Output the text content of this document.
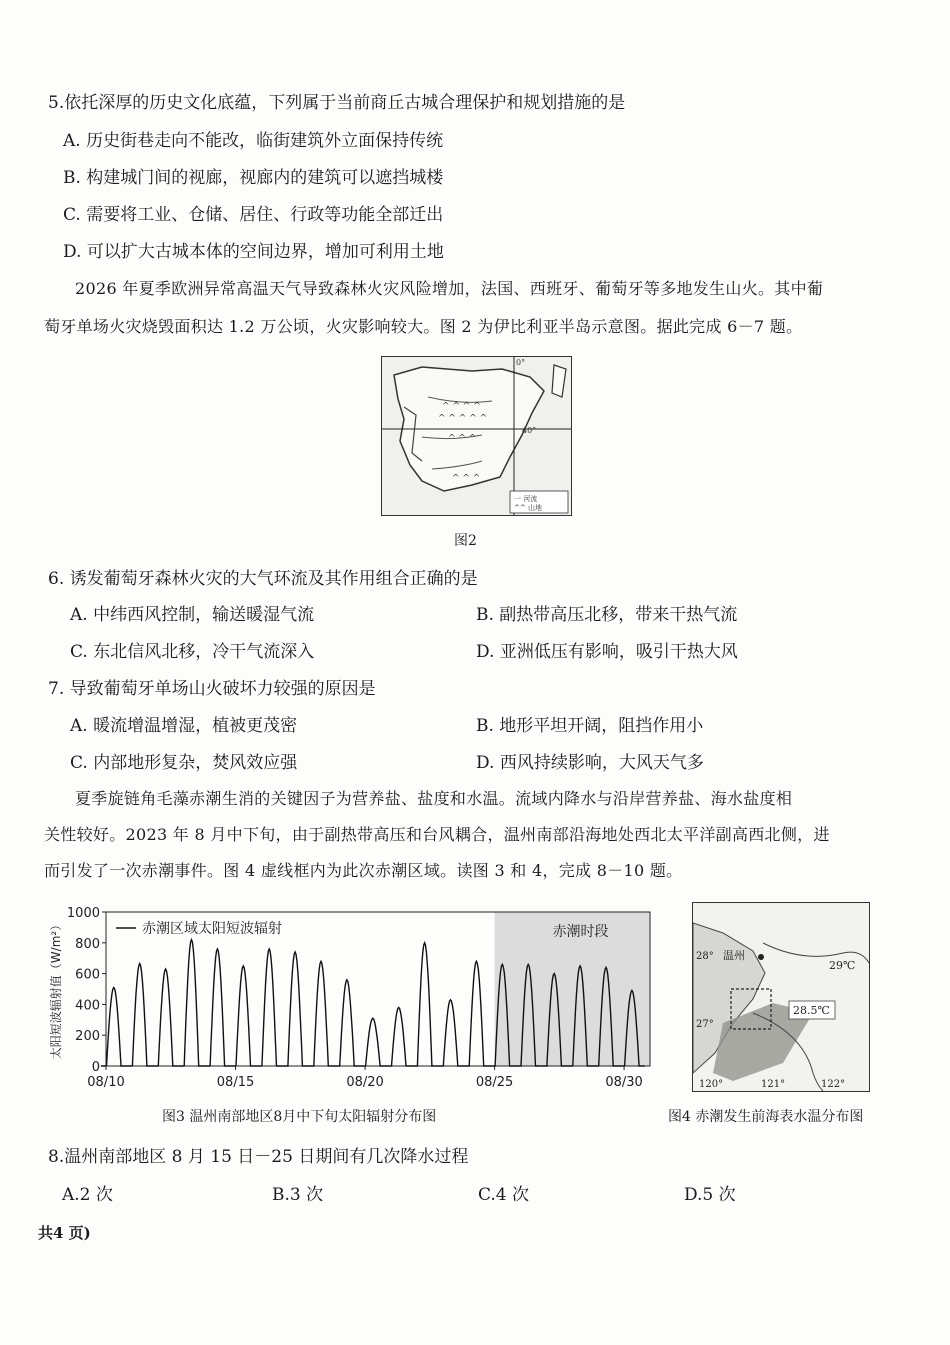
5.依托深厚的历史文化底蕴，下列属于当前商丘古城合理保护和规划措施的是
A. 历史街巷走向不能改，临街建筑外立面保持传统
B. 构建城门间的视廊，视廊内的建筑可以遮挡城楼
C. 需要将工业、仓储、居住、行政等功能全部迁出
D. 可以扩大古城本体的空间边界，增加可利用土地
2026 年夏季欧洲异常高温天气导致森林火灾风险增加，法国、西班牙、葡萄牙等多地发生山火。其中葡
萄牙单场火灾烧毁面积达 1.2 万公顷，火灾影响较大。图 2 为伊比利亚半岛示意图。据此完成 6－7 题。
^ ^ ^ ^
^ ^ ^ ^ ^
^ ^ ^
^ ^ ^
40°
0°
一 河流
^^ 山地
图2
6. 诱发葡萄牙森林火灾的大气环流及其作用组合正确的是
A. 中纬西风控制，输送暖湿气流	B. 副热带高压北移，带来干热气流
C. 东北信风北移，冷干气流深入	D. 亚洲低压有影响，吸引干热大风
7. 导致葡萄牙单场山火破坏力较强的原因是
A. 暖流增温增湿，植被更茂密	B. 地形平坦开阔，阻挡作用小
C. 内部地形复杂，焚风效应强	D. 西风持续影响，大风天气多
夏季旋链角毛藻赤潮生消的关键因子为营养盐、盐度和水温。流域内降水与沿岸营养盐、海水盐度相
关性较好。2023 年 8 月中下旬，由于副热带高压和台风耦合，温州南部沿海地处西北太平洋副高西北侧，进
而引发了一次赤潮事件。图 4 虚线框内为此次赤潮区域。读图 3 和 4，完成 8－10 题。
赤潮时段
0
200
400
600
800
1000
太阳短波辐射值（W/m²）
08/10	08/15	08/20	08/25	08/30
赤潮区域太阳短波辐射
图3 温州南部地区8月中下旬太阳辐射分布图
温州
29℃
28.5℃
28°
27°
120°	121°	122°
图4 赤潮发生前海表水温分布图
8.温州南部地区 8 月 15 日－25 日期间有几次降水过程
A.2 次	B.3 次	C.4 次	D.5 次
共4 页)
